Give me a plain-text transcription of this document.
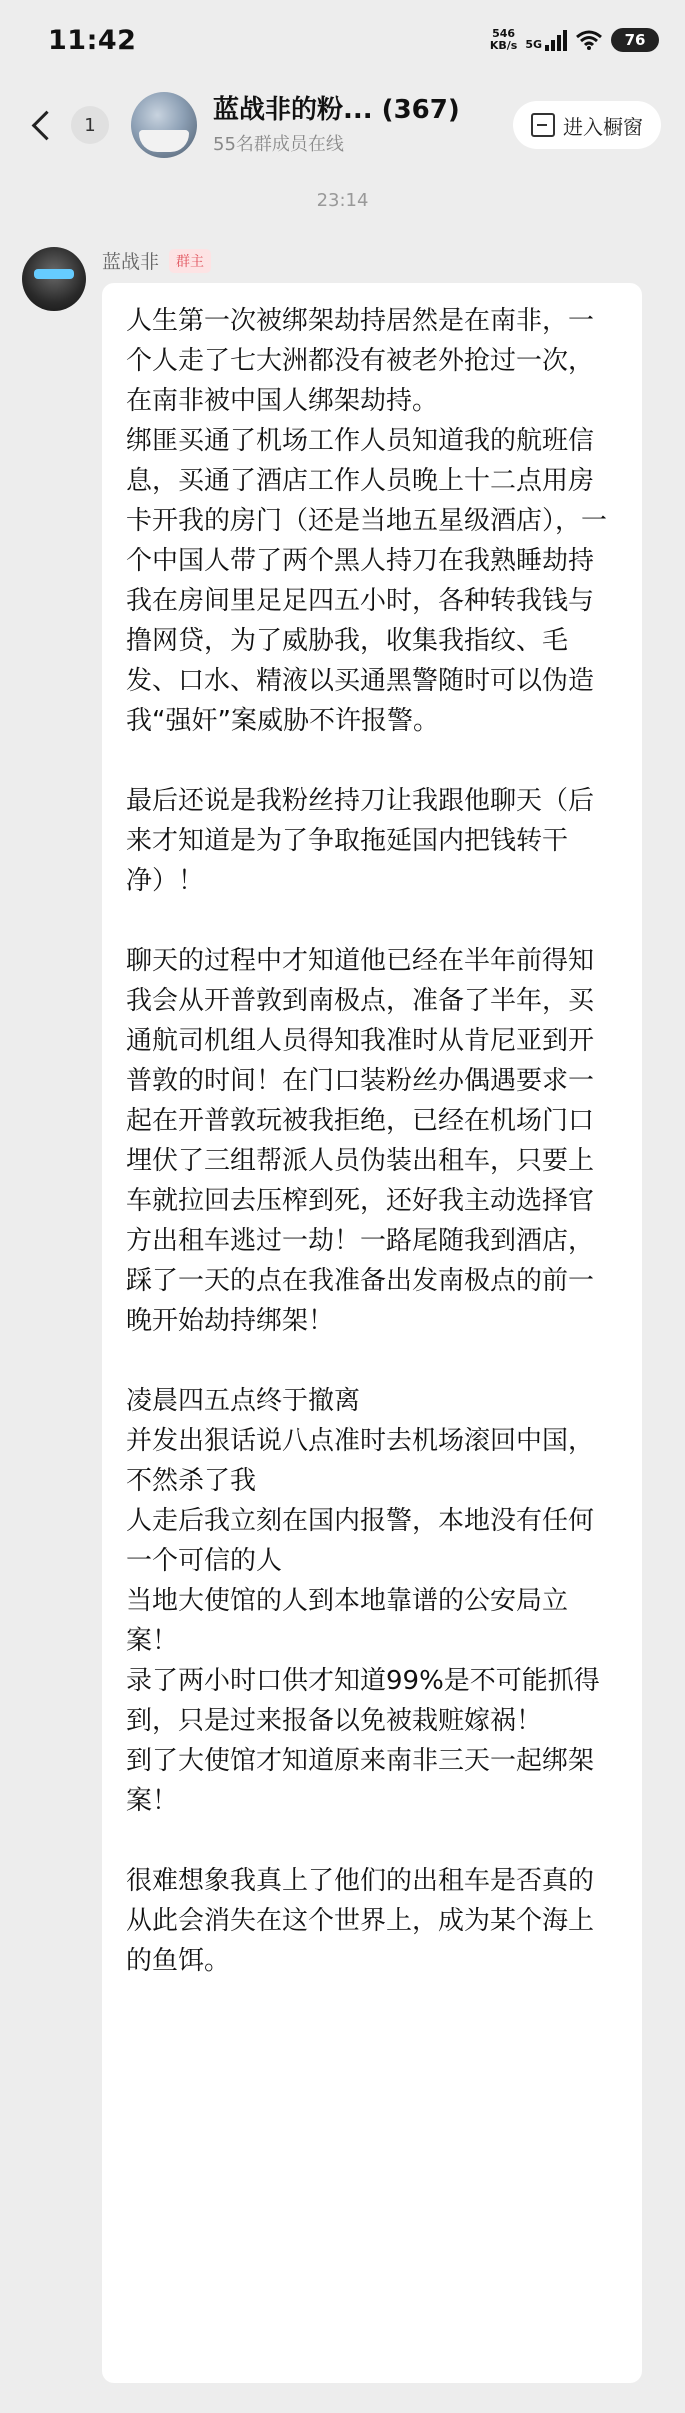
11:42	546
KB/s 5G	76
1	蓝战非的粉... (367)
55名群成员在线
进入橱窗
23:14
蓝战非	群主

人生第一次被绑架劫持居然是在南非，一个人走了七大洲都没有被老外抢过一次，在南非被中国人绑架劫持。

绑匪买通了机场工作人员知道我的航班信息，买通了酒店工作人员晚上十二点用房卡开我的房门（还是当地五星级酒店），一个中国人带了两个黑人持刀在我熟睡劫持我在房间里足足四五小时，各种转我钱与撸网贷，为了威胁我，收集我指纹、毛发、口水、精液以买通黑警随时可以伪造我“强奸”案威胁不许报警。

最后还说是我粉丝持刀让我跟他聊天（后来才知道是为了争取拖延国内把钱转干净）！

聊天的过程中才知道他已经在半年前得知我会从开普敦到南极点，准备了半年，买通航司机组人员得知我准时从肯尼亚到开普敦的时间！在门口装粉丝办偶遇要求一起在开普敦玩被我拒绝，已经在机场门口埋伏了三组帮派人员伪装出租车，只要上车就拉回去压榨到死，还好我主动选择官方出租车逃过一劫！一路尾随我到酒店，踩了一天的点在我准备出发南极点的前一晚开始劫持绑架！

凌晨四五点终于撤离

并发出狠话说八点准时去机场滚回中国，不然杀了我

人走后我立刻在国内报警，本地没有任何一个可信的人

当地大使馆的人到本地靠谱的公安局立案！

录了两小时口供才知道99%是不可能抓得到，只是过来报备以免被栽赃嫁祸！

到了大使馆才知道原来南非三天一起绑架案！

很难想象我真上了他们的出租车是否真的从此会消失在这个世界上，成为某个海上的鱼饵。
